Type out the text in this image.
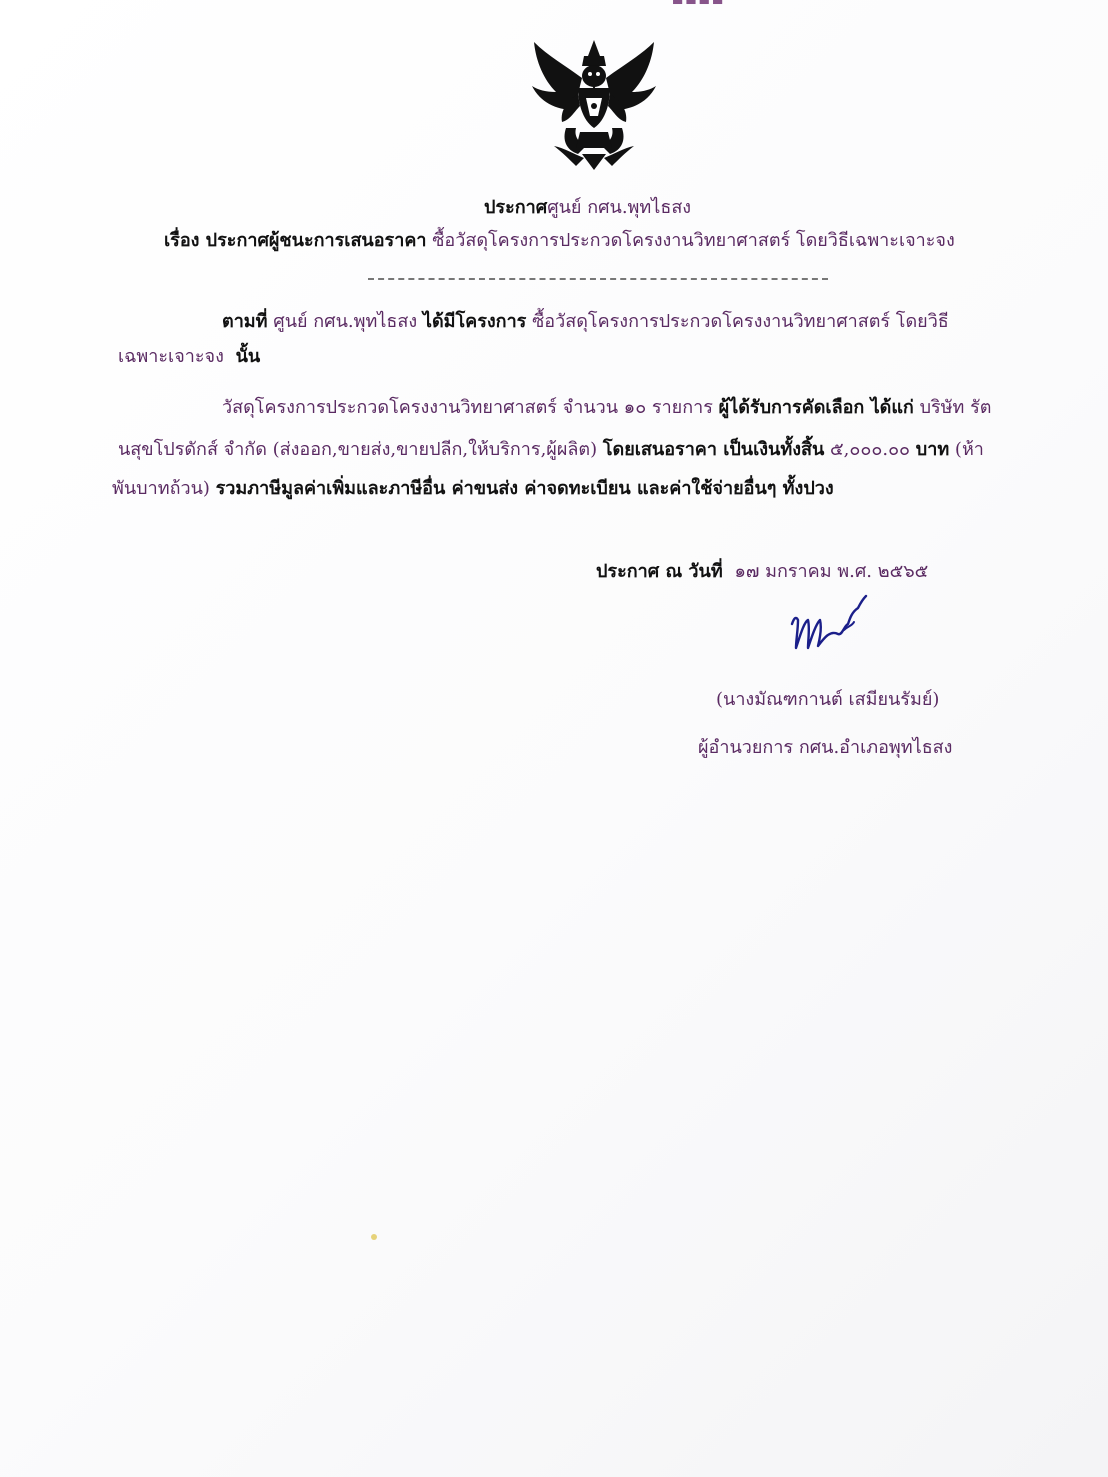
▬▬▬▬
ประกาศศูนย์ กศน.พุทไธสง
เรื่อง ประกาศผู้ชนะการเสนอราคา ซื้อวัสดุโครงการประกวดโครงงานวิทยาศาสตร์ โดยวิธีเฉพาะเจาะจง
ตามที่ ศูนย์ กศน.พุทไธสง ได้มีโครงการ ซื้อวัสดุโครงการประกวดโครงงานวิทยาศาสตร์ โดยวิธี
เฉพาะเจาะจง นั้น
วัสดุโครงการประกวดโครงงานวิทยาศาสตร์ จำนวน ๑๐ รายการ ผู้ได้รับการคัดเลือก ได้แก่ บริษัท รัต
นสุขโปรดักส์ จำกัด (ส่งออก,ขายส่ง,ขายปลีก,ให้บริการ,ผู้ผลิต) โดยเสนอราคา เป็นเงินทั้งสิ้น ๕,๐๐๐.๐๐ บาท (ห้า
พันบาทถ้วน) รวมภาษีมูลค่าเพิ่มและภาษีอื่น ค่าขนส่ง ค่าจดทะเบียน และค่าใช้จ่ายอื่นๆ ทั้งปวง
ประกาศ ณ วันที่ ๑๗ มกราคม พ.ศ. ๒๕๖๕
(นางมัณฑกานต์ เสมียนรัมย์)
ผู้อำนวยการ กศน.อำเภอพุทไธสง
